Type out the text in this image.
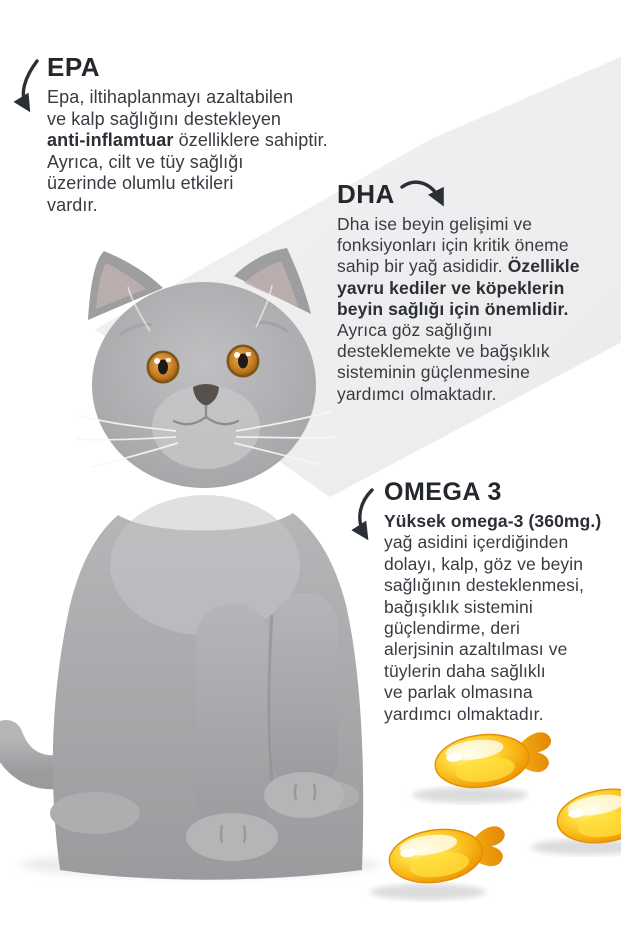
EPA
Epa, iltihaplanmayı azaltabilen
ve kalp sağlığını destekleyen
anti-inflamtuar özelliklere sahiptir.
Ayrıca, cilt ve tüy sağlığı
üzerinde olumlu etkileri
vardır.	DHA
Dha ise beyin gelişimi ve
fonksiyonları için kritik öneme
sahip bir yağ asididir. Özellikle
yavru kediler ve köpeklerin
beyin sağlığı için önemlidir.
Ayrıca göz sağlığını
desteklemekte ve bağşıklık
sisteminin güçlenmesine
yardımcı olmaktadır.
OMEGA 3
Yüksek omega-3 (360mg.)
yağ asidini içerdiğinden
dolayı, kalp, göz ve beyin
sağlığının desteklenmesi,
bağışıklık sistemini
güçlendirme, deri
alerjsinin azaltılması ve
tüylerin daha sağlıklı
ve parlak olmasına
yardımcı olmaktadır.
